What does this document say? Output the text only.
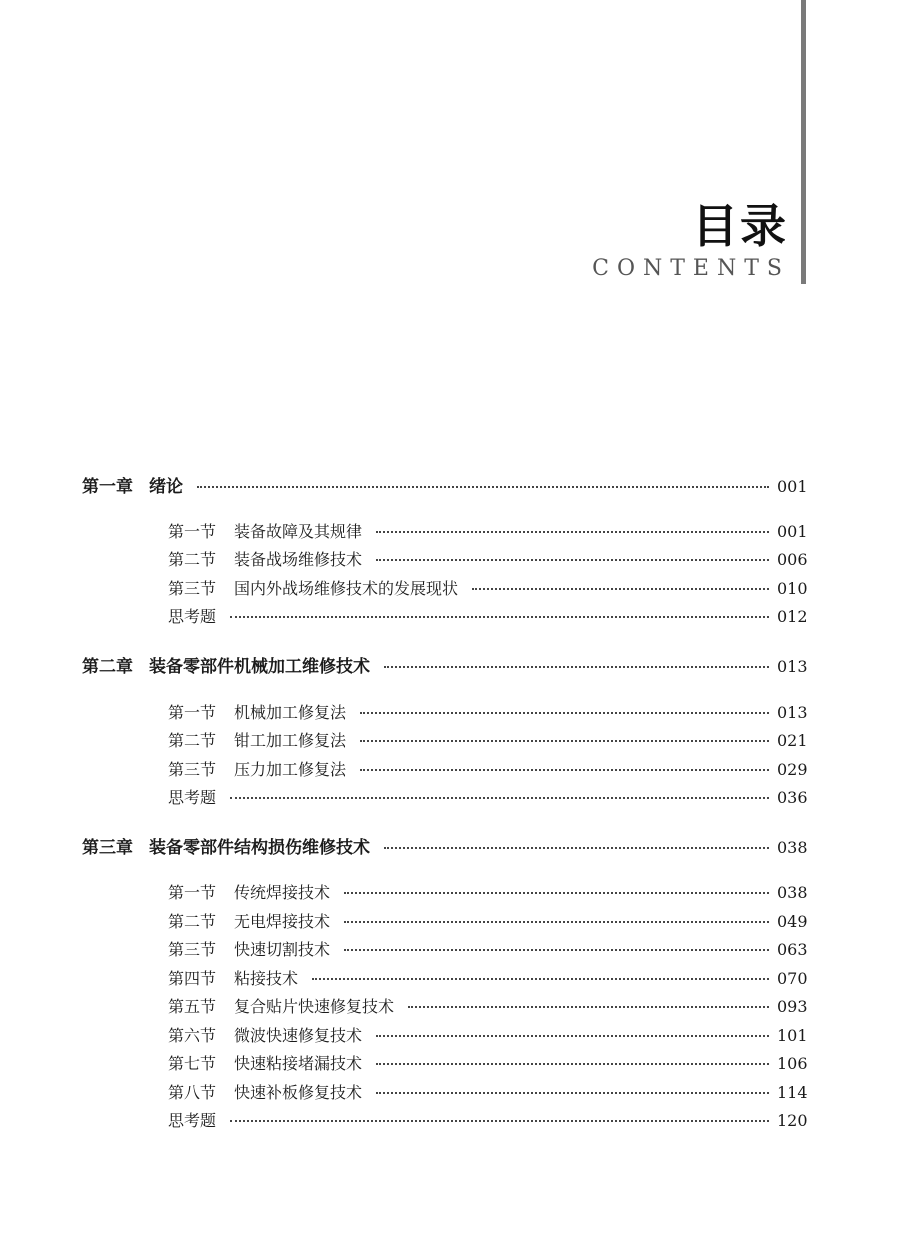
目录
CONTENTS
第一章 绪论	001
第一节 装备故障及其规律	001
第二节 装备战场维修技术	006
第三节 国内外战场维修技术的发展现状	010
思考题	012
第二章 装备零部件机械加工维修技术	013
第一节 机械加工修复法	013
第二节 钳工加工修复法	021
第三节 压力加工修复法	029
思考题	036
第三章 装备零部件结构损伤维修技术	038
第一节 传统焊接技术	038
第二节 无电焊接技术	049
第三节 快速切割技术	063
第四节 粘接技术	070
第五节 复合贴片快速修复技术	093
第六节 微波快速修复技术	101
第七节 快速粘接堵漏技术	106
第八节 快速补板修复技术	114
思考题	120
